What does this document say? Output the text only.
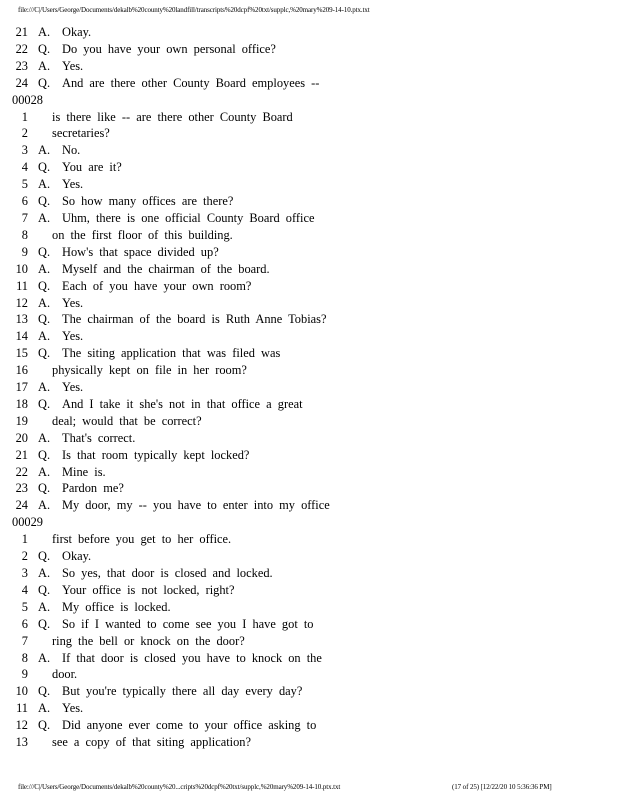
file:///C|/Users/George/Documents/dekalb%20county%20landfill/transcripts%20dcpf%20txt/supplc,%20mary%209-14-10.ptx.txt
21 A. Okay.
22 Q. Do you have your own personal office?
23 A. Yes.
24 Q. And are there other County Board employees --
00028
1 is there like -- are there other County Board
2 secretaries?
3 A. No.
4 Q. You are it?
5 A. Yes.
6 Q. So how many offices are there?
7 A. Uhm, there is one official County Board office
8 on the first floor of this building.
9 Q. How's that space divided up?
10 A. Myself and the chairman of the board.
11 Q. Each of you have your own room?
12 A. Yes.
13 Q. The chairman of the board is Ruth Anne Tobias?
14 A. Yes.
15 Q. The siting application that was filed was
16 physically kept on file in her room?
17 A. Yes.
18 Q. And I take it she's not in that office a great
19 deal; would that be correct?
20 A. That's correct.
21 Q. Is that room typically kept locked?
22 A. Mine is.
23 Q. Pardon me?
24 A. My door, my -- you have to enter into my office
00029
1 first before you get to her office.
2 Q. Okay.
3 A. So yes, that door is closed and locked.
4 Q. Your office is not locked, right?
5 A. My office is locked.
6 Q. So if I wanted to come see you I have got to
7 ring the bell or knock on the door?
8 A. If that door is closed you have to knock on the
9 door.
10 Q. But you're typically there all day every day?
11 A. Yes.
12 Q. Did anyone ever come to your office asking to
13 see a copy of that siting application?
file:///C|/Users/George/Documents/dekalb%20county%20...cripts%20dcpf%20txt/supplc,%20mary%209-14-10.ptx.txt	(17 of 25) [12/22/20 10 5:36:36 PM]
